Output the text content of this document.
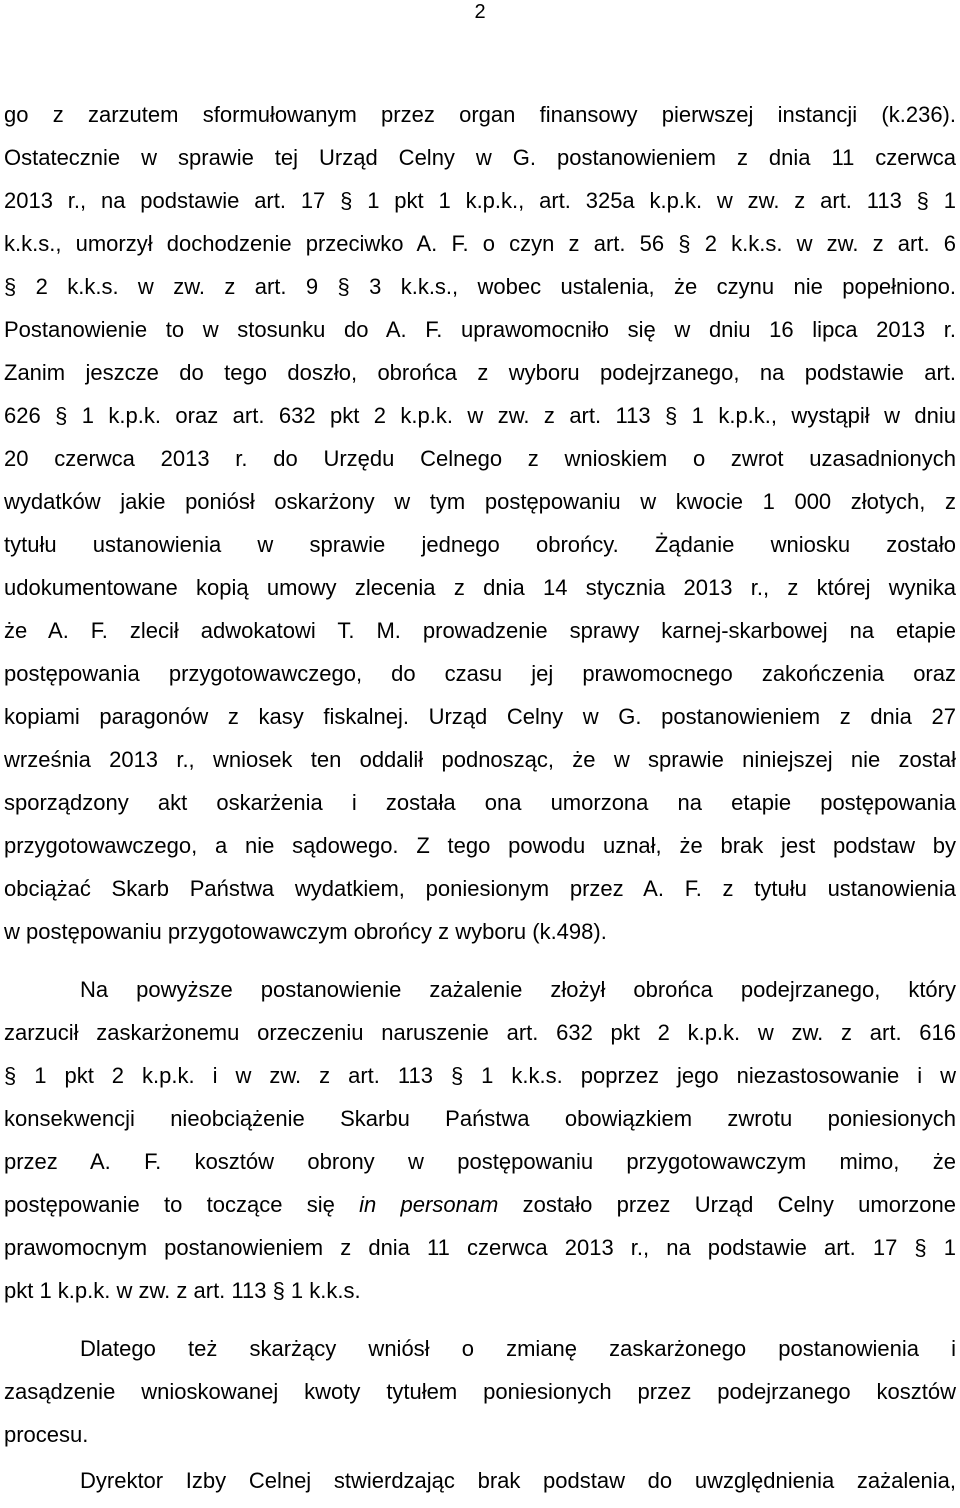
2
go z zarzutem sformułowanym przez organ finansowy pierwszej instancji (k.236).
Ostatecznie w sprawie tej Urząd Celny w G. postanowieniem z dnia 11 czerwca
2013 r., na podstawie art. 17 § 1 pkt 1 k.p.k., art. 325a k.p.k. w zw. z art. 113 § 1
k.k.s., umorzył dochodzenie przeciwko A. F. o czyn z art. 56 § 2 k.k.s. w zw. z art. 6
§ 2 k.k.s. w zw. z art. 9 § 3 k.k.s., wobec ustalenia, że czynu nie popełniono.
Postanowienie to w stosunku do A. F. uprawomocniło się w dniu 16 lipca 2013 r.
Zanim jeszcze do tego doszło, obrońca z wyboru podejrzanego, na podstawie art.
626 § 1 k.p.k. oraz art. 632 pkt 2 k.p.k. w zw. z art. 113 § 1 k.p.k., wystąpił w dniu
20 czerwca 2013 r. do Urzędu Celnego z wnioskiem o zwrot uzasadnionych
wydatków jakie poniósł oskarżony w tym postępowaniu w kwocie 1 000 złotych, z
tytułu ustanowienia w sprawie jednego obrońcy. Żądanie wniosku zostało
udokumentowane kopią umowy zlecenia z dnia 14 stycznia 2013 r., z której wynika
że A. F. zlecił adwokatowi T. M. prowadzenie sprawy karnej-skarbowej na etapie
postępowania przygotowawczego, do czasu jej prawomocnego zakończenia oraz
kopiami paragonów z kasy fiskalnej. Urząd Celny w G. postanowieniem z dnia 27
września 2013 r., wniosek ten oddalił podnosząc, że w sprawie niniejszej nie został
sporządzony akt oskarżenia i została ona umorzona na etapie postępowania
przygotowawczego, a nie sądowego. Z tego powodu uznał, że brak jest podstaw by
obciążać Skarb Państwa wydatkiem, poniesionym przez A. F. z tytułu ustanowienia
w postępowaniu przygotowawczym obrońcy z wyboru (k.498).
Na powyższe postanowienie zażalenie złożył obrońca podejrzanego, który
zarzucił zaskarżonemu orzeczeniu naruszenie art. 632 pkt 2 k.p.k. w zw. z art. 616
§ 1 pkt 2 k.p.k. i w zw. z art. 113 § 1 k.k.s. poprzez jego niezastosowanie i w
konsekwencji nieobciążenie Skarbu Państwa obowiązkiem zwrotu poniesionych
przez A. F. kosztów obrony w postępowaniu przygotowawczym mimo, że
postępowanie to toczące się in personam zostało przez Urząd Celny umorzone
prawomocnym postanowieniem z dnia 11 czerwca 2013 r., na podstawie art. 17 § 1
pkt 1 k.p.k. w zw. z art. 113 § 1 k.k.s.
Dlatego też skarżący wniósł o zmianę zaskarżonego postanowienia i
zasądzenie wnioskowanej kwoty tytułem poniesionych przez podejrzanego kosztów
procesu.
Dyrektor Izby Celnej stwierdzając brak podstaw do uwzględnienia zażalenia,
